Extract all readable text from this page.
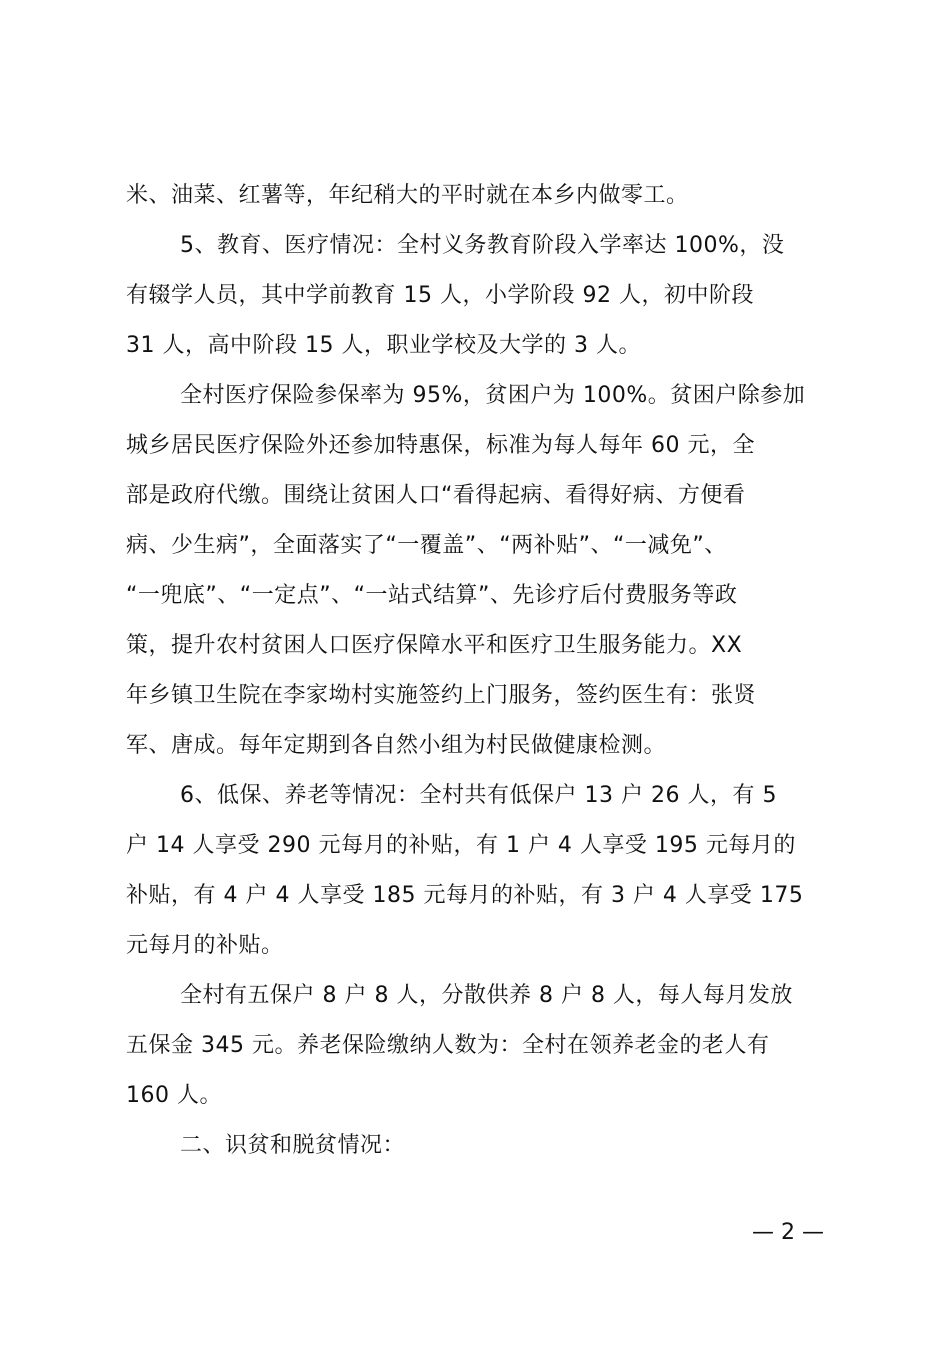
米、油菜、红薯等，年纪稍大的平时就在本乡内做零工。
5、教育、医疗情况：全村义务教育阶段入学率达 100%，没
有辍学人员，其中学前教育 15 人，小学阶段 92 人，初中阶段
31 人，高中阶段 15 人，职业学校及大学的 3 人。
全村医疗保险参保率为 95%，贫困户为 100%。贫困户除参加
城乡居民医疗保险外还参加特惠保，标准为每人每年 60 元，全
部是政府代缴。围绕让贫困人口“看得起病、看得好病、方便看
病、少生病”，全面落实了“一覆盖”、“两补贴”、“一减免”、
“一兜底”、“一定点”、“一站式结算”、先诊疗后付费服务等政
策，提升农村贫困人口医疗保障水平和医疗卫生服务能力。XX
年乡镇卫生院在李家坳村实施签约上门服务，签约医生有：张贤
军、唐成。每年定期到各自然小组为村民做健康检测。
6、低保、养老等情况：全村共有低保户 13 户 26 人，有 5
户 14 人享受 290 元每月的补贴，有 1 户 4 人享受 195 元每月的
补贴，有 4 户 4 人享受 185 元每月的补贴，有 3 户 4 人享受 175
元每月的补贴。
全村有五保户 8 户 8 人，分散供养 8 户 8 人，每人每月发放
五保金 345 元。养老保险缴纳人数为：全村在领养老金的老人有
160 人。
二、识贫和脱贫情况：
— 2 —
